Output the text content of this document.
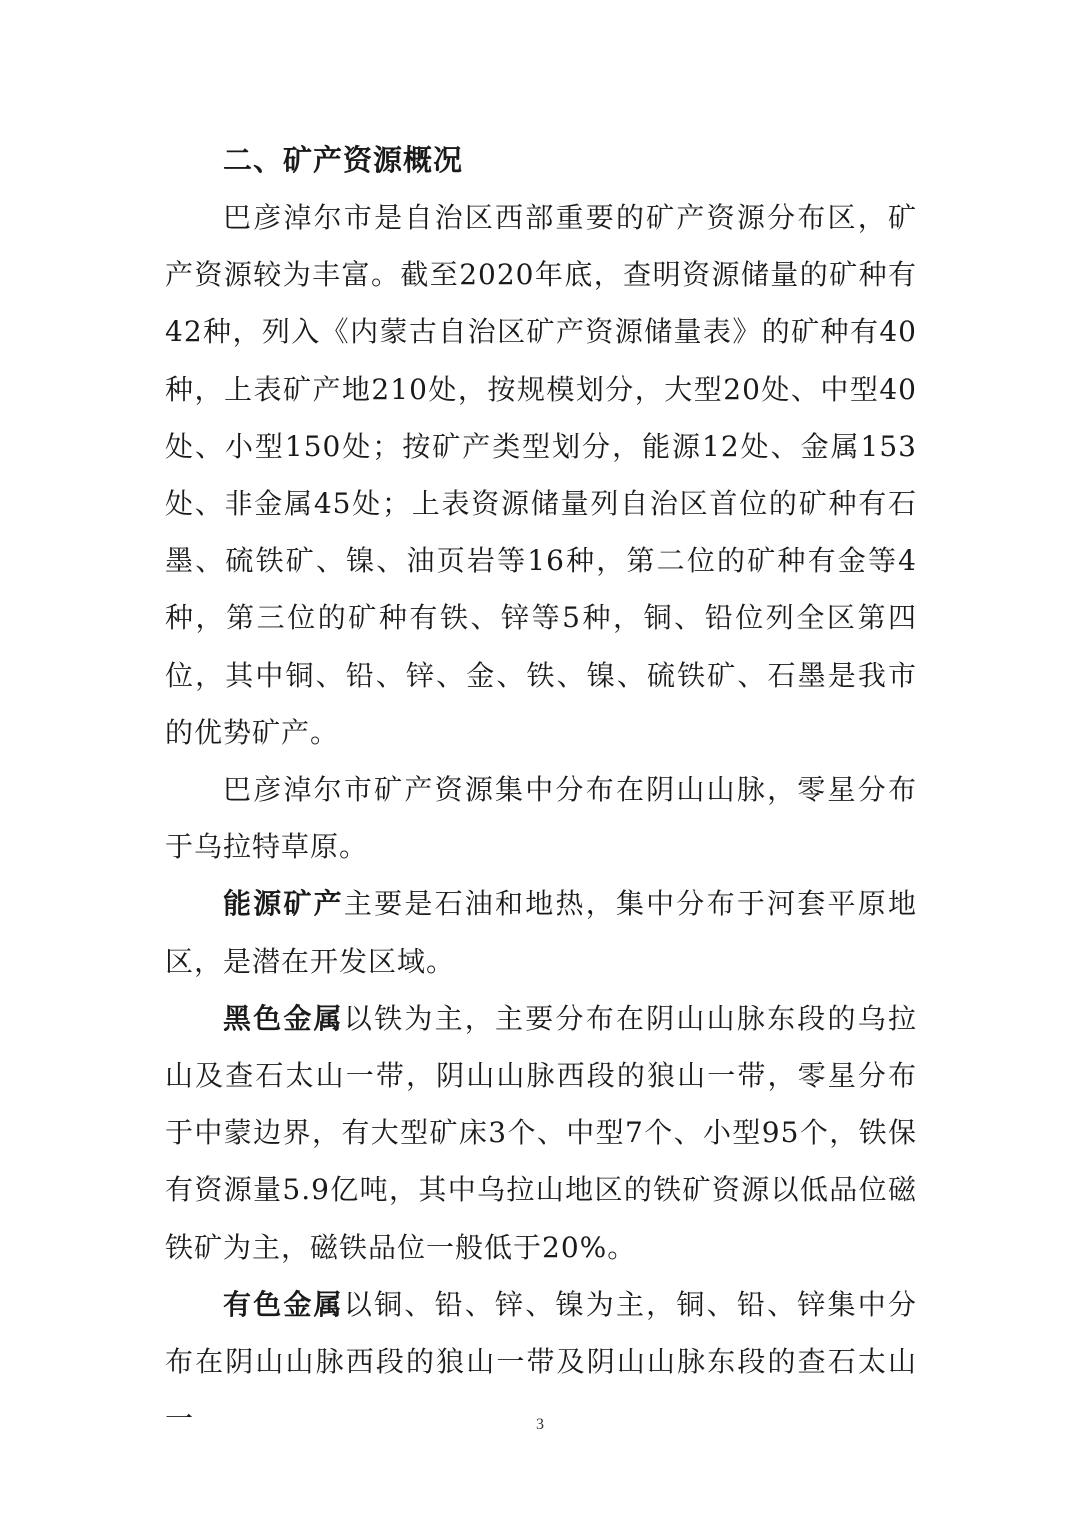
二、矿产资源概况

巴彦淖尔市是自治区西部重要的矿产资源分布区，矿产资源较为丰富。截至2020年底，查明资源储量的矿种有42种，列入《内蒙古自治区矿产资源储量表》的矿种有40种，上表矿产地210处，按规模划分，大型20处、中型40处、小型150处；按矿产类型划分，能源12处、金属153处、非金属45处；上表资源储量列自治区首位的矿种有石墨、硫铁矿、镍、油页岩等16种，第二位的矿种有金等4种，第三位的矿种有铁、锌等5种，铜、铅位列全区第四位，其中铜、铅、锌、金、铁、镍、硫铁矿、石墨是我市的优势矿产。

巴彦淖尔市矿产资源集中分布在阴山山脉，零星分布于乌拉特草原。

能源矿产主要是石油和地热，集中分布于河套平原地区，是潜在开发区域。

黑色金属以铁为主，主要分布在阴山山脉东段的乌拉山及查石太山一带，阴山山脉西段的狼山一带，零星分布于中蒙边界，有大型矿床3个、中型7个、小型95个，铁保有资源量5.9亿吨，其中乌拉山地区的铁矿资源以低品位磁铁矿为主，磁铁品位一般低于20%。

有色金属以铜、铅、锌、镍为主，铜、铅、锌集中分布在阴山山脉西段的狼山一带及阴山山脉东段的查石太山一	3
